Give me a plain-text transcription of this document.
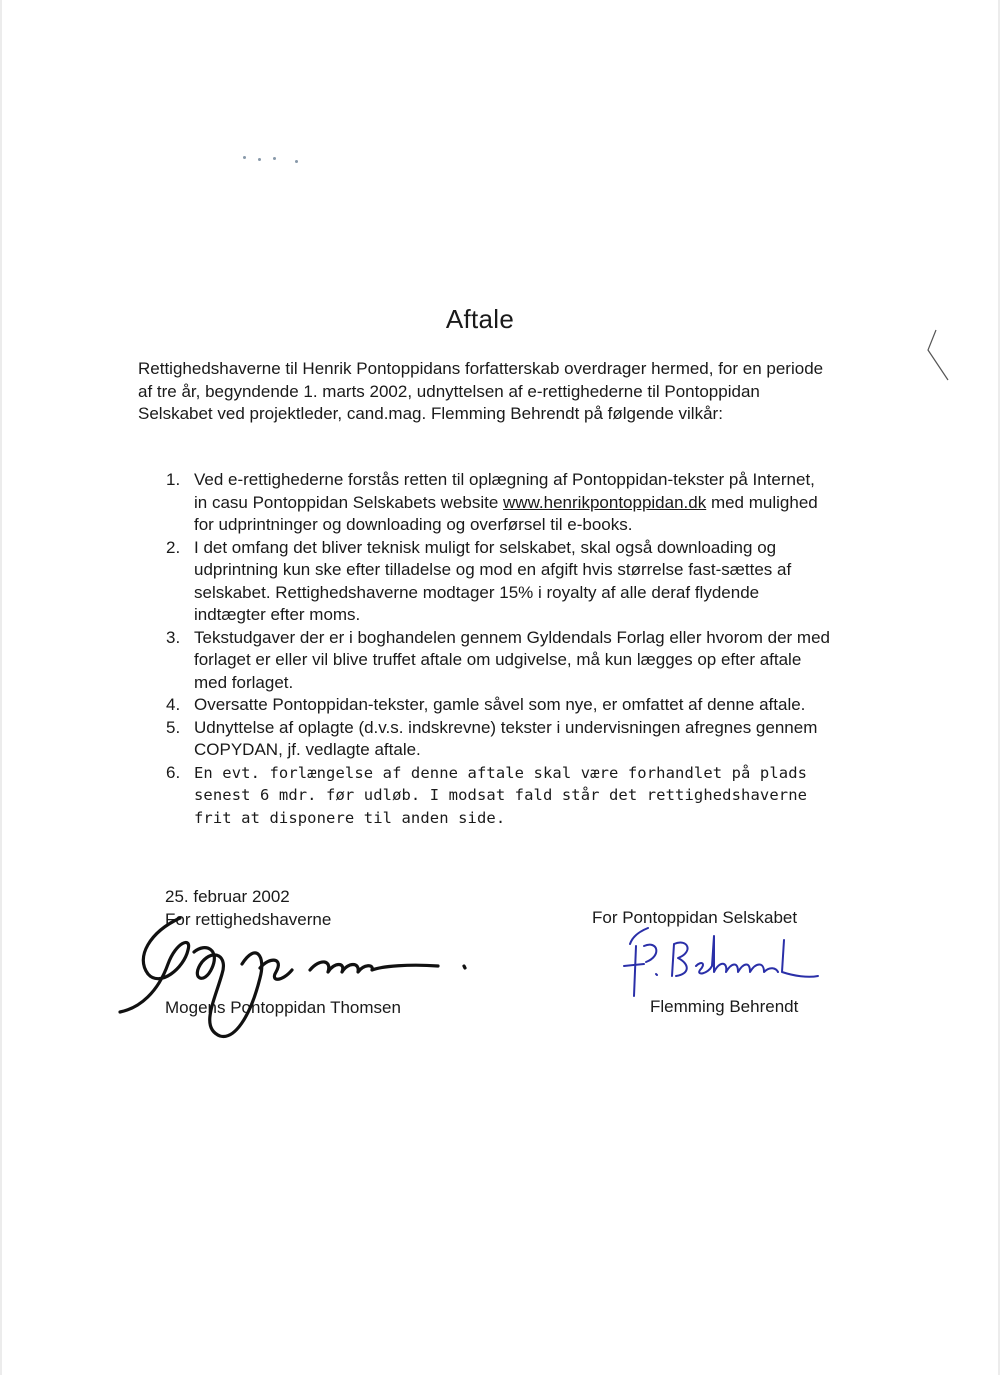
Aftale
Rettighedshaverne til Henrik Pontoppidans forfatterskab overdrager hermed, for en periode af tre år, begyndende 1. marts 2002, udnyttelsen af e-rettighederne til Pontoppidan Selskabet ved projektleder, cand.mag. Flemming Behrendt på følgende vilkår:
1. Ved e-rettighederne forstås retten til oplægning af Pontoppidan-tekster på Internet, in casu Pontoppidan Selskabets website www.henrikpontoppidan.dk med mulighed for udprintninger og downloading og overførsel til e-books.
2. I det omfang det bliver teknisk muligt for selskabet, skal også downloading og udprintning kun ske efter tilladelse og mod en afgift hvis størrelse fast-sættes af selskabet. Rettighedshaverne modtager 15% i royalty af alle deraf flydende indtægter efter moms.
3. Tekstudgaver der er i boghandelen gennem Gyldendals Forlag eller hvorom der med forlaget er eller vil blive truffet aftale om udgivelse, må kun lægges op efter aftale med forlaget.
4. Oversatte Pontoppidan-tekster, gamle såvel som nye, er omfattet af denne aftale.
5. Udnyttelse af oplagte (d.v.s. indskrevne) tekster i undervisningen afregnes gennem COPYDAN, jf. vedlagte aftale.
6. En evt. forlængelse af denne aftale skal være forhandlet på plads senest 6 mdr. før udløb. I modsat fald står det rettighedshaverne frit at disponere til anden side.
25. februar 2002
For rettighedshaverne
Mogens Pontoppidan Thomsen
For Pontoppidan Selskabet
Flemming Behrendt
